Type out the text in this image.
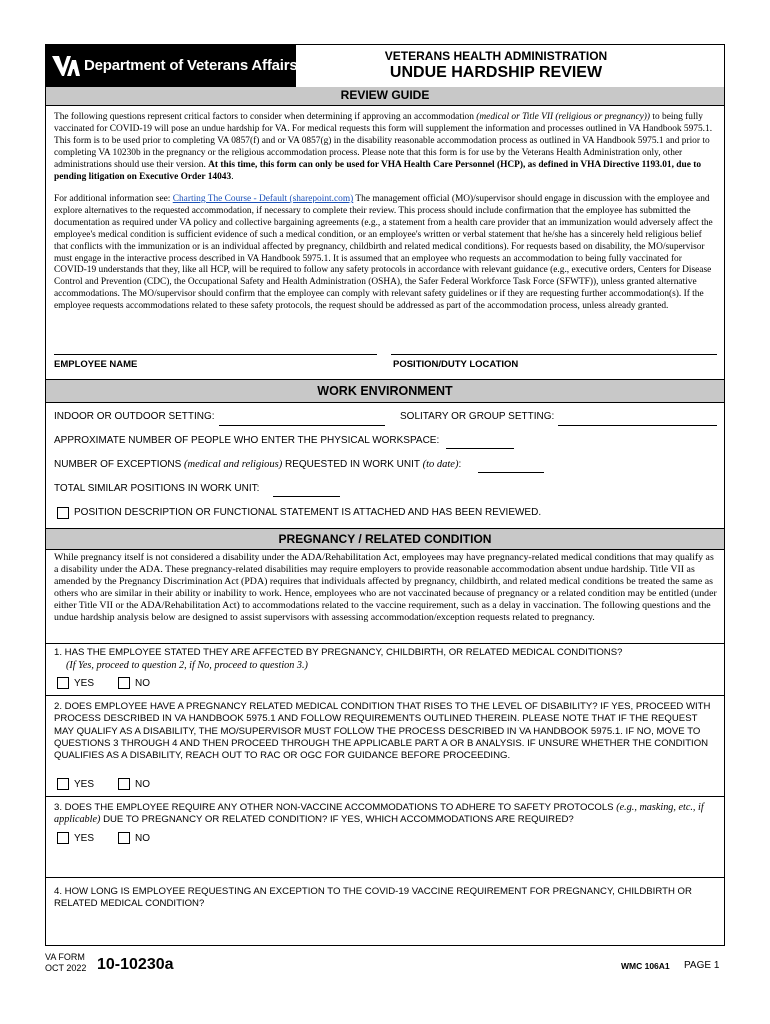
Department of Veterans Affairs
VETERANS HEALTH ADMINISTRATION
UNDUE HARDSHIP REVIEW
REVIEW GUIDE
The following questions represent critical factors to consider when determining if approving an accommodation (medical or Title VII (religious or pregnancy)) to being fully vaccinated for COVID-19 will pose an undue hardship for VA. For medical requests this form will supplement the information and processes outlined in VA Handbook 5975.1. This form is to be used prior to completing VA 0857(f) and or VA 0857(g) in the disability reasonable accommodation process as outlined in VA Handbook 5975.1 and prior to completing VA 10230b in the pregnancy or the religious accommodation process. Please note that this form is for use by the Veterans Health Administration only, other administrations should use their version. At this time, this form can only be used for VHA Health Care Personnel (HCP), as defined in VHA Directive 1193.01, due to pending litigation on Executive Order 14043.
For additional information see: Charting The Course - Default (sharepoint.com) The management official (MO)/supervisor should engage in discussion with the employee and explore alternatives to the requested accommodation, if necessary to complete their review. This process should include confirmation that the employee has submitted the documentation as required under VA policy and collective bargaining agreements (e.g., a statement from a health care provider that an immunization would adversely affect the employee's medical condition is sufficient evidence of such a medical condition, or an employee's written or verbal statement that he/she has a sincerely held religious belief that conflicts with the immunization or is an individual affected by pregnancy, childbirth and related medical conditions). For requests based on disability, the MO/supervisor must engage in the interactive process described in VA Handbook 5975.1. It is assumed that an employee who requests an accommodation to being fully vaccinated for COVID-19 understands that they, like all HCP, will be required to follow any safety protocols in accordance with relevant guidance (e.g., executive orders, Centers for Disease Control and Prevention (CDC), the Occupational Safety and Health Administration (OSHA), the Safer Federal Workforce Task Force (SFWTF)), unless granted alternative accommodations. The MO/supervisor should confirm that the employee can comply with relevant safety guidelines or if they are requesting further accommodation(s). If the employee requests accommodations related to these safety protocols, the request should be addressed as part of the accommodation process, unless already granted.
EMPLOYEE NAME	POSITION/DUTY LOCATION
WORK ENVIRONMENT
INDOOR OR OUTDOOR SETTING:	SOLITARY OR GROUP SETTING:
APPROXIMATE NUMBER OF PEOPLE WHO ENTER THE PHYSICAL WORKSPACE:
NUMBER OF EXCEPTIONS (medical and religious) REQUESTED IN WORK UNIT (to date):
TOTAL SIMILAR POSITIONS IN WORK UNIT:
POSITION DESCRIPTION OR FUNCTIONAL STATEMENT IS ATTACHED AND HAS BEEN REVIEWED.
PREGNANCY / RELATED CONDITION
While pregnancy itself is not considered a disability under the ADA/Rehabilitation Act, employees may have pregnancy-related medical conditions that may qualify as a disability under the ADA. These pregnancy-related disabilities may require employers to provide reasonable accommodation absent undue hardship. Title VII as amended by the Pregnancy Discrimination Act (PDA) requires that individuals affected by pregnancy, childbirth, and related medical conditions be treated the same as others who are similar in their ability or inability to work. Hence, employees who are not vaccinated because of pregnancy or a related condition may be entitled (under either Title VII or the ADA/Rehabilitation Act) to accommodations related to the vaccine requirement, such as a delay in vaccination. The following questions and the undue hardship analysis below are designed to assist supervisors with assessing accommodation/exception requests related to pregnancy.
1. HAS THE EMPLOYEE STATED THEY ARE AFFECTED BY PREGNANCY, CHILDBIRTH, OR RELATED MEDICAL CONDITIONS?
(If Yes, proceed to question 2, if No, proceed to question 3.)
YES	NO
2. DOES EMPLOYEE HAVE A PREGNANCY RELATED MEDICAL CONDITION THAT RISES TO THE LEVEL OF DISABILITY? IF YES, PROCEED WITH PROCESS DESCRIBED IN VA HANDBOOK 5975.1 AND FOLLOW REQUIREMENTS OUTLINED THEREIN. PLEASE NOTE THAT IF THE REQUEST MAY QUALIFY AS A DISABILITY, THE MO/SUPERVISOR MUST FOLLOW THE PROCESS DESCRIBED IN VA HANDBOOK 5975.1. IF NO, MOVE TO QUESTIONS 3 THROUGH 4 AND THEN PROCEED THROUGH THE APPLICABLE PART A OR B ANALYSIS. IF UNSURE WHETHER THE CONDITION QUALIFIES AS A DISABILITY, REACH OUT TO RAC OR OGC FOR GUIDANCE BEFORE PROCEEDING.
YES	NO
3. DOES THE EMPLOYEE REQUIRE ANY OTHER NON-VACCINE ACCOMMODATIONS TO ADHERE TO SAFETY PROTOCOLS (e.g., masking, etc., if applicable) DUE TO PREGNANCY OR RELATED CONDITION? IF YES, WHICH ACCOMMODATIONS ARE REQUIRED?
YES	NO
4. HOW LONG IS EMPLOYEE REQUESTING AN EXCEPTION TO THE COVID-19 VACCINE REQUIREMENT FOR PREGNANCY, CHILDBIRTH OR RELATED MEDICAL CONDITION?
VA FORM
OCT 2022 10-10230a	WMC 106A1 PAGE 1
